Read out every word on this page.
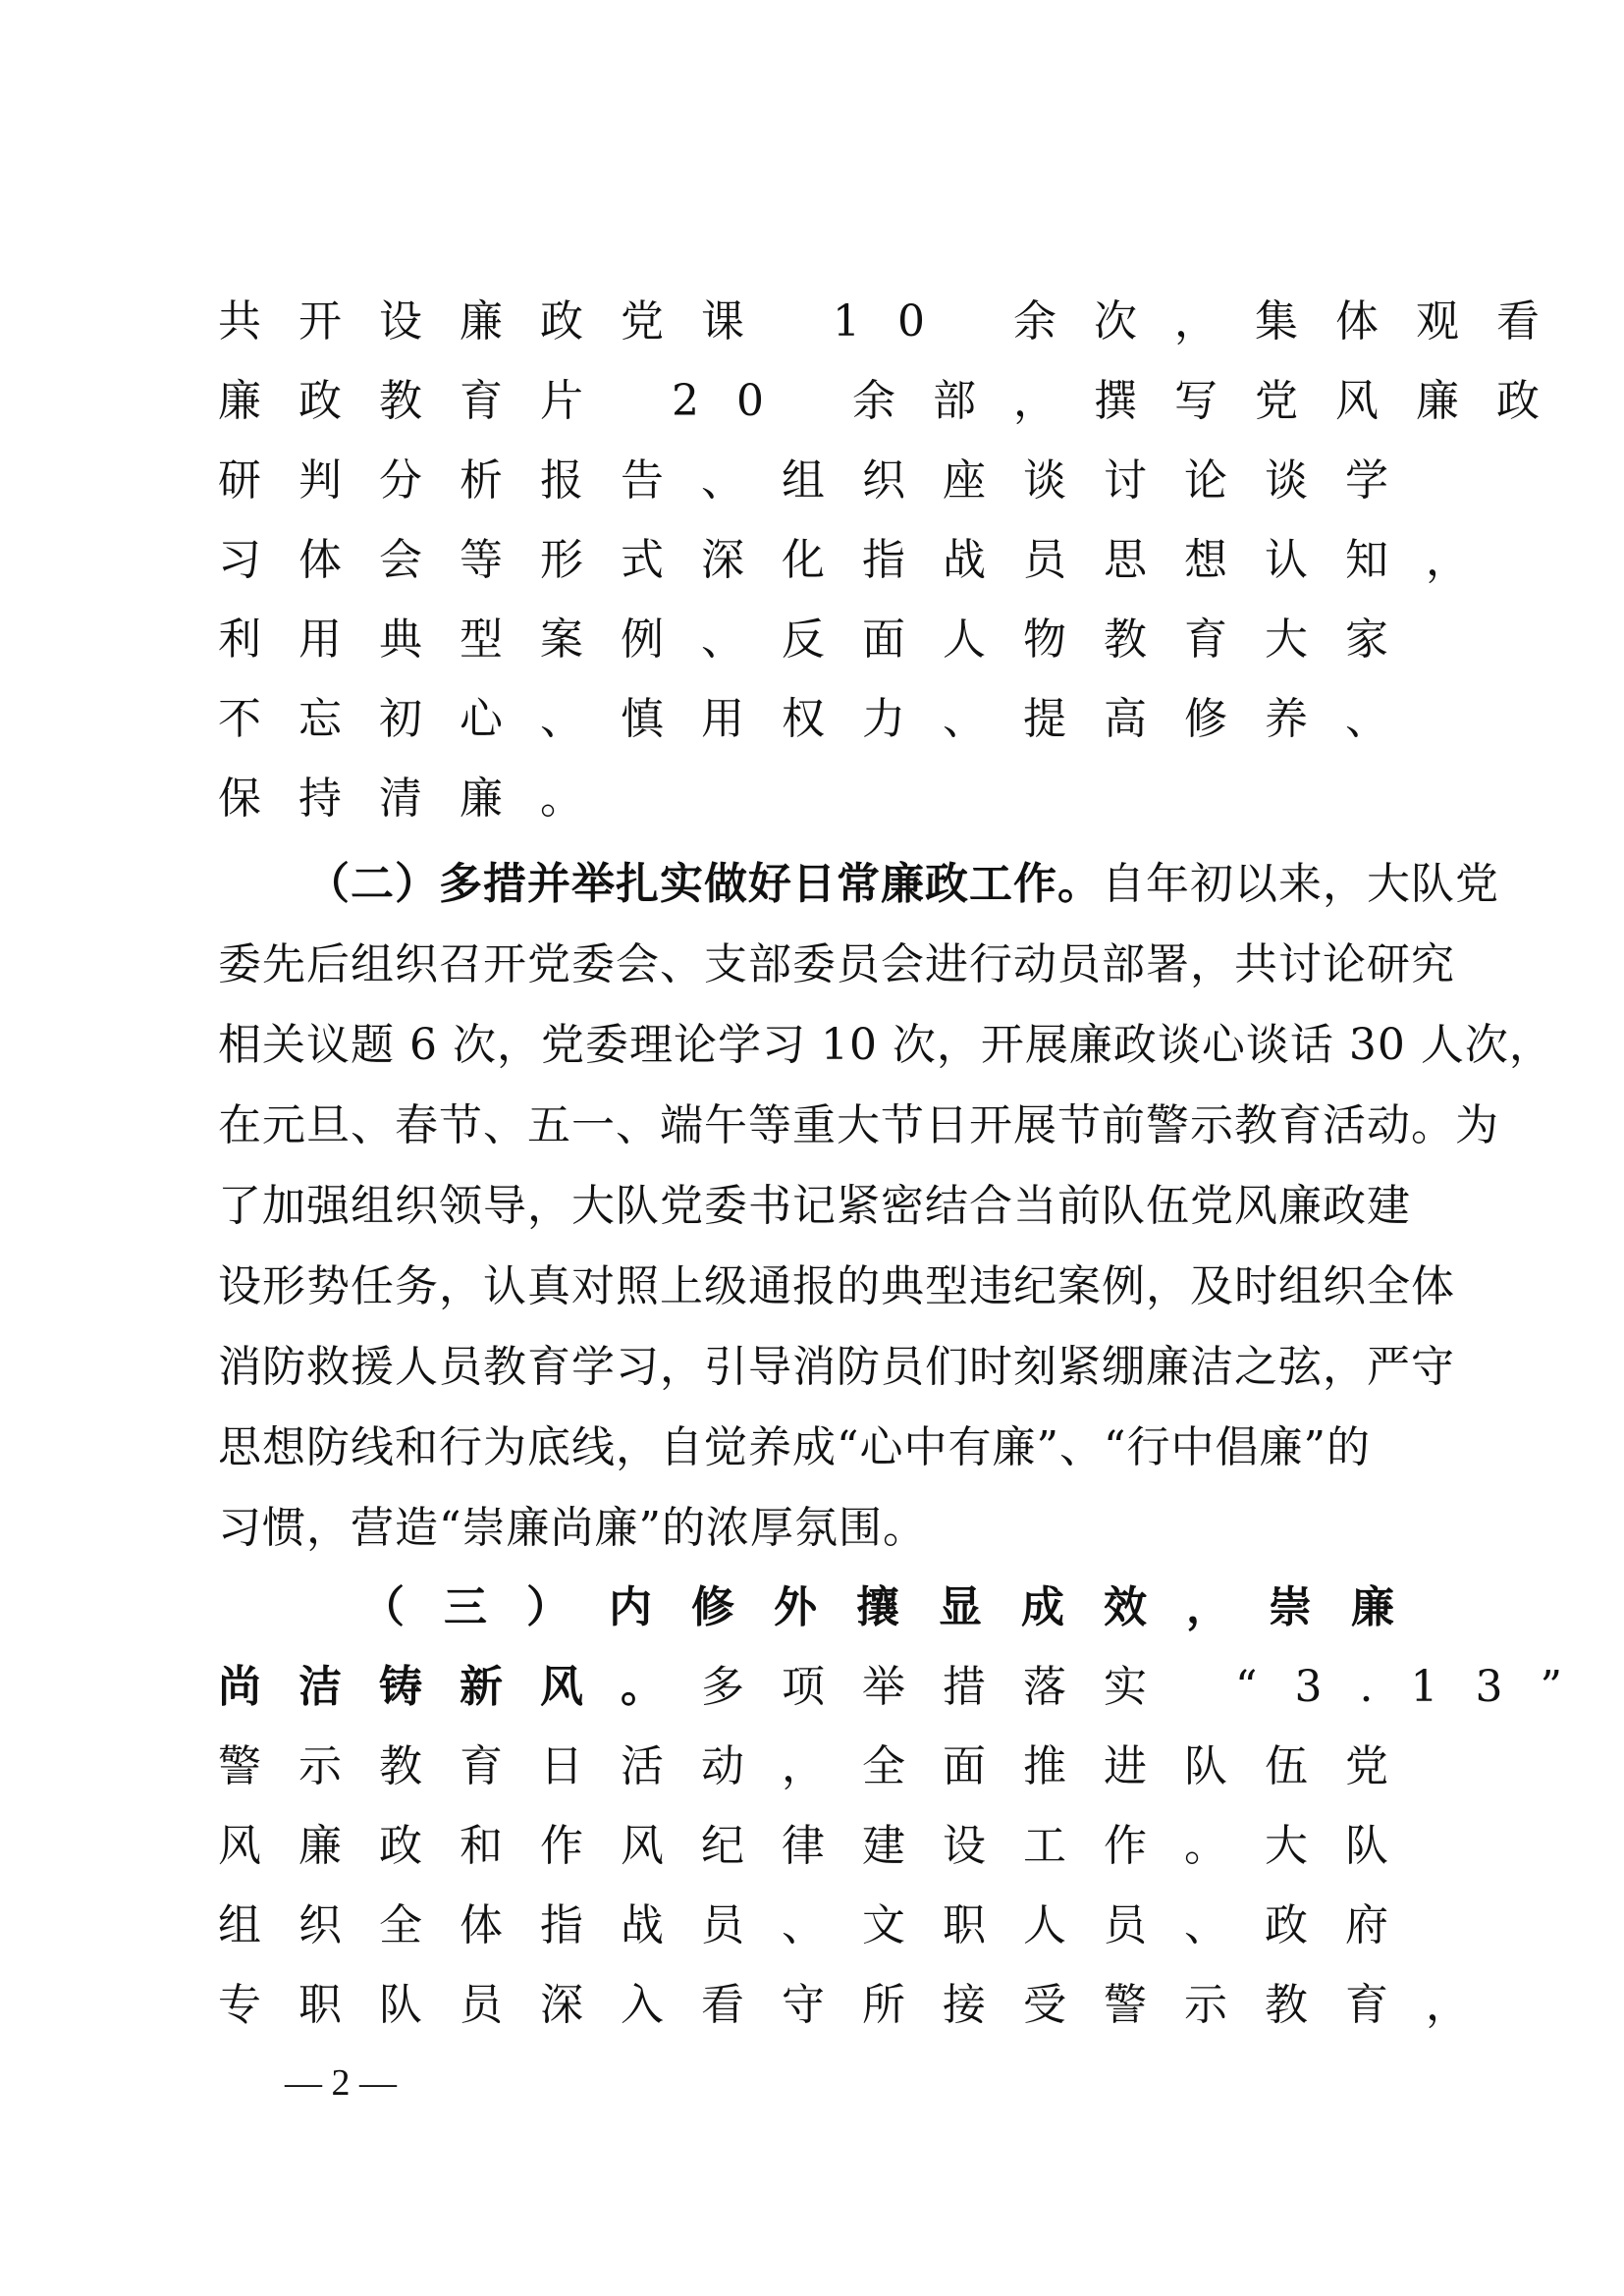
共开设廉政党课 10 余次，集体观看
廉政教育片 20 余部，撰写党风廉政
研判分析报告、组织座谈讨论谈学
习体会等形式深化指战员思想认知，
利用典型案例、反面人物教育大家
不忘初心、慎用权力、提高修养、
保持清廉。
（二）多措并举扎实做好日常廉政工作。自年初以来，大队党
委先后组织召开党委会、支部委员会进行动员部署，共讨论研究
相关议题 6 次，党委理论学习 10 次，开展廉政谈心谈话 30 人次，
在元旦、春节、五一、端午等重大节日开展节前警示教育活动。为
了加强组织领导，大队党委书记紧密结合当前队伍党风廉政建
设形势任务，认真对照上级通报的典型违纪案例，及时组织全体
消防救援人员教育学习，引导消防员们时刻紧绷廉洁之弦，严守
思想防线和行为底线，自觉养成“心中有廉”、“行中倡廉”的
习惯，营造“崇廉尚廉”的浓厚氛围。
（三）内修外攘显成效，崇廉
尚洁铸新风。多项举措落实 “3.13”
警示教育日活动，全面推进队伍党
风廉政和作风纪律建设工作。大队
组织全体指战员、文职人员、政府
专职队员深入看守所接受警示教育，
— 2 —
